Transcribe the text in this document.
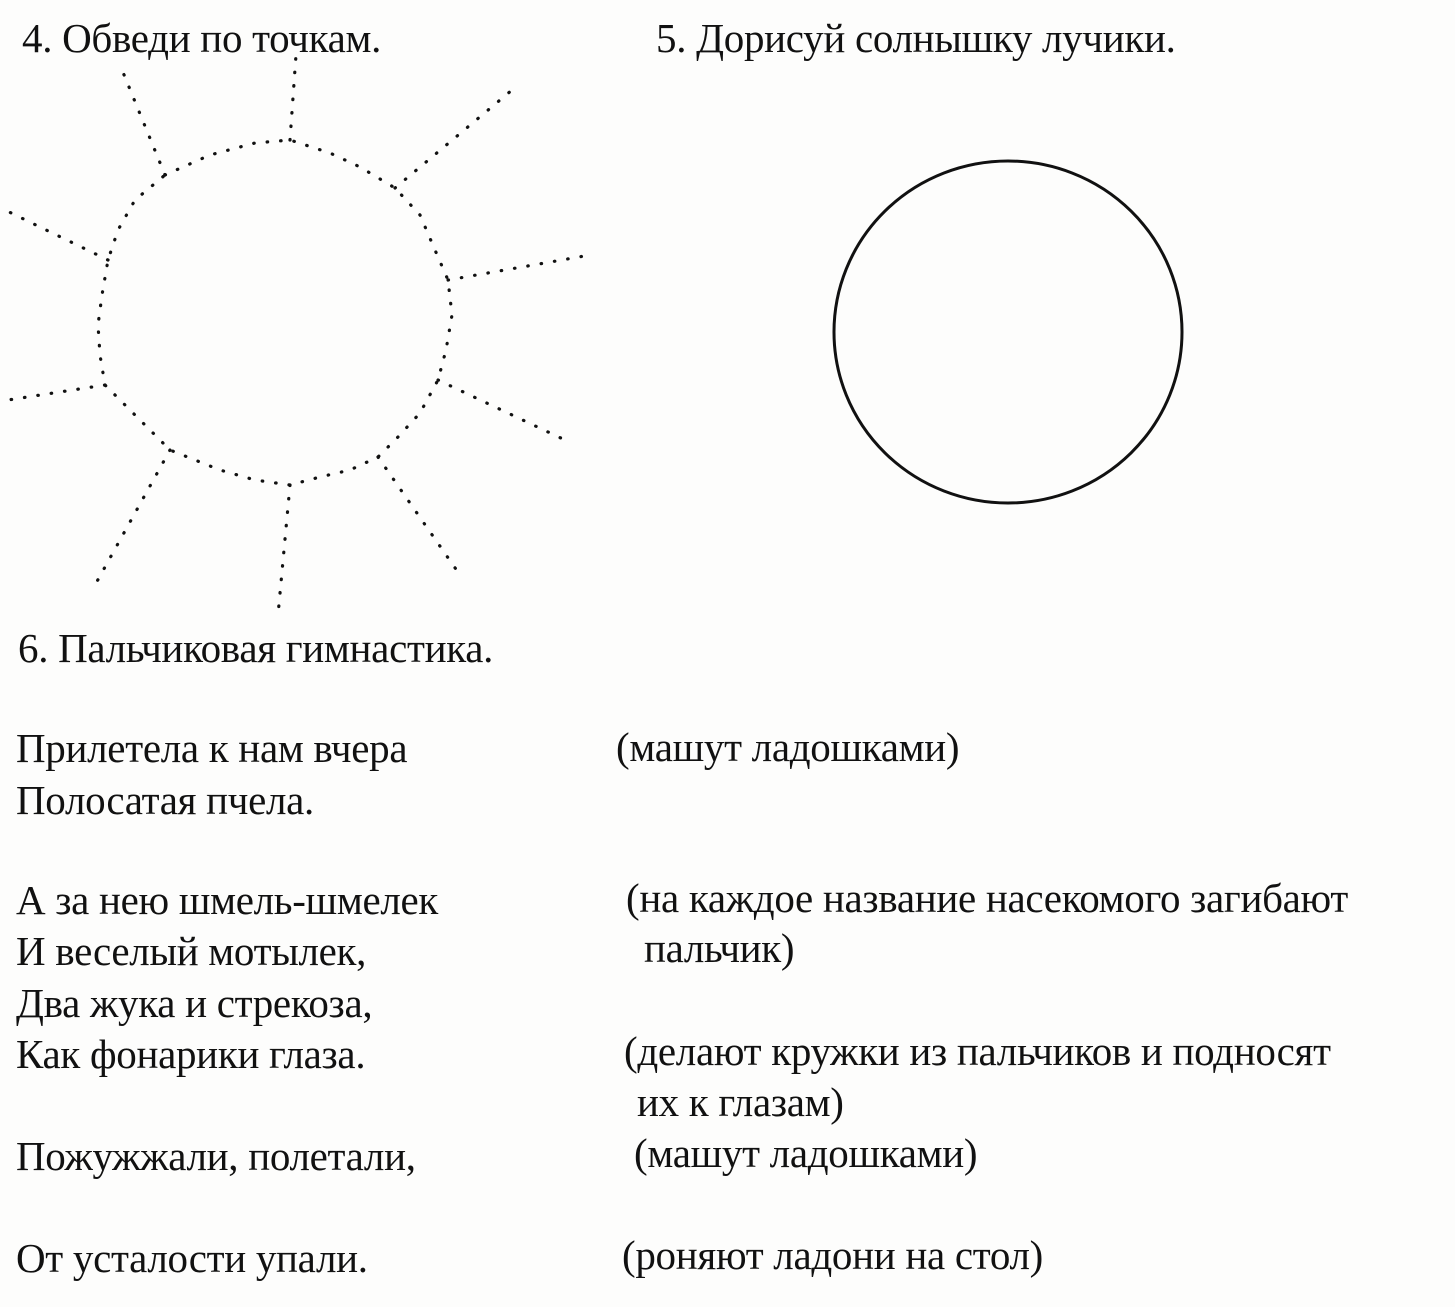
4. Обведи по точкам.	5. Дорисуй солнышку лучики.
6. Пальчиковая гимнастика.
Прилетела к нам вчера
Полосатая пчела.
А за нею шмель-шмелек
И веселый мотылек,
Два жука и стрекоза,
Как фонарики глаза.
Пожужжали, полетали,
От усталости упали.
(машут ладошками)
(на каждое название насекомого загибают
пальчик)
(делают кружки из пальчиков и подносят
их к глазам)
(машут ладошками)
(роняют ладони на стол)
